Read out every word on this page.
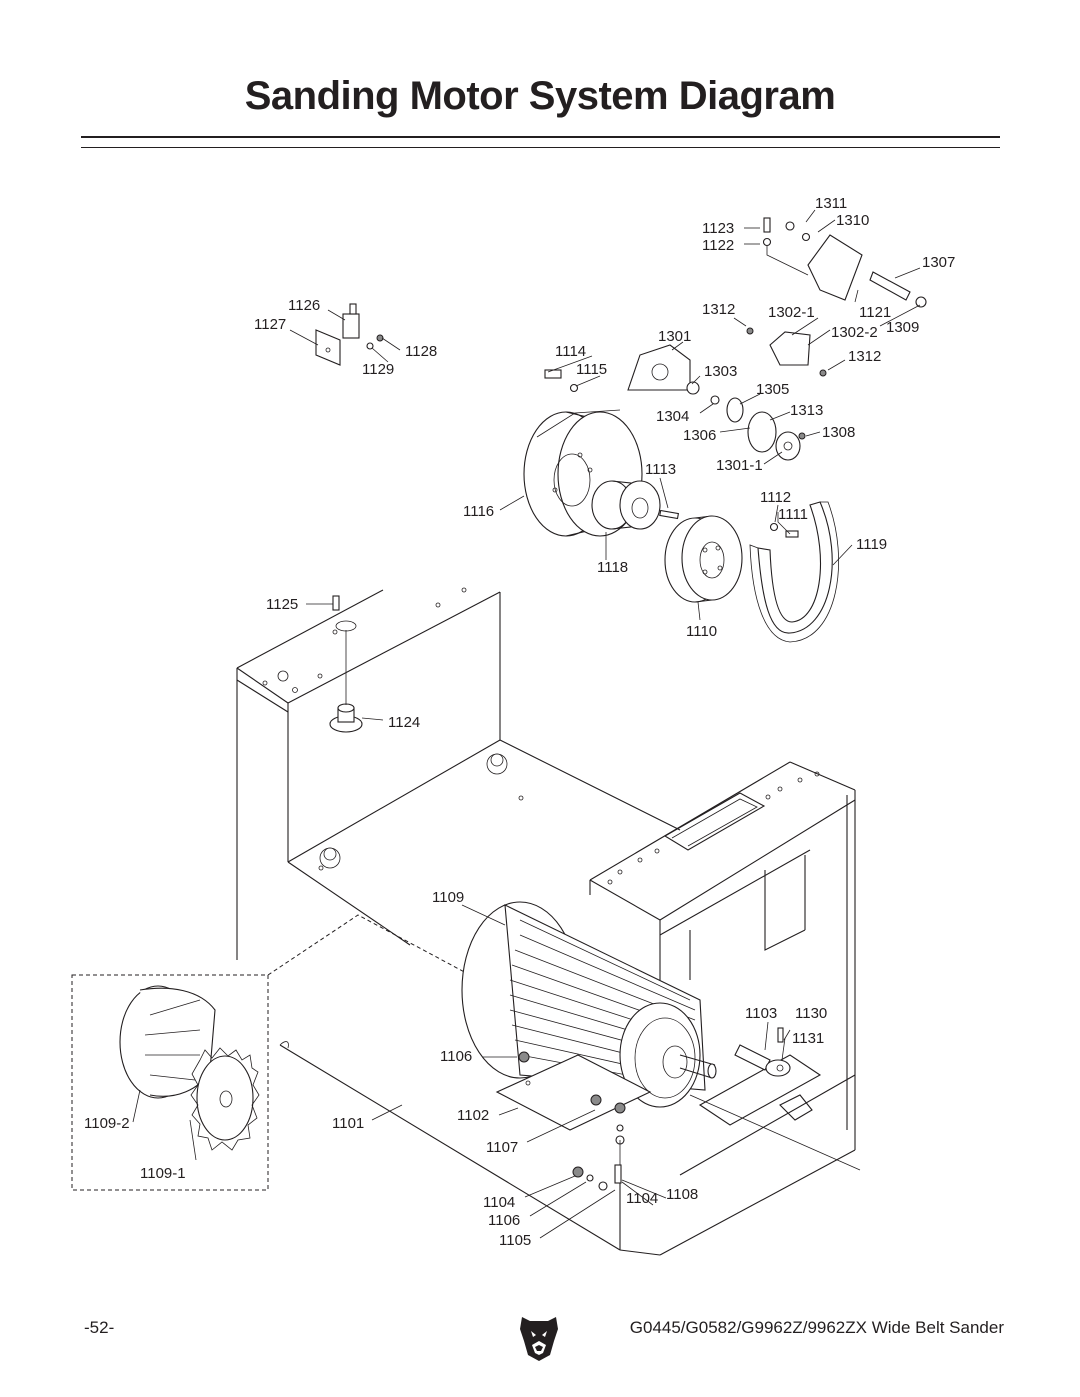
Sanding Motor System Diagram
1311
1310
1123
1122
1307
1312 1302-1	1121
1309
1301	1302-2
1312
1126
1127
1128
1129
1114
1115	1303
1305
1304	1313
1306	1308
1113	1301-1
1116
1112
1111
1119
1118
1125
1110
1124
1109
1103 1130
1131
1106
1109-2	1101	1102
1107
1109-1
1104	1104 1108
1106
1105
-52-	G0445/G0582/G9962Z/9962ZX Wide Belt Sander
